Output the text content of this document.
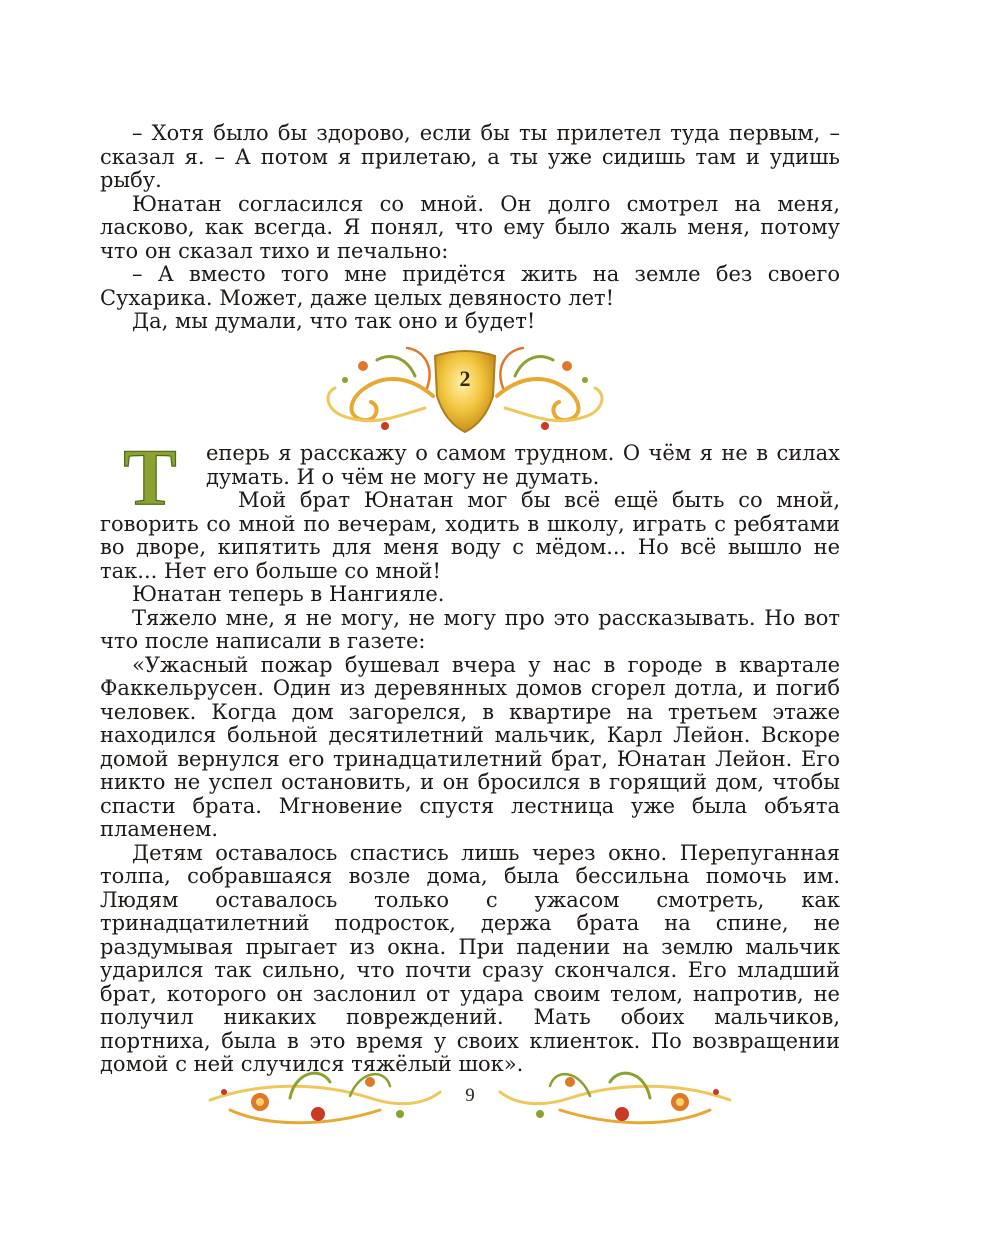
– Хотя было бы здорово, если бы ты прилетел туда первым, – сказал я. – А потом я прилетаю, а ты уже сидишь там и удишь рыбу.

Юнатан согласился со мной. Он долго смотрел на меня, ласково, как всегда. Я понял, что ему было жаль меня, потому что он сказал тихо и печально:

– А вместо того мне придётся жить на земле без своего Сухарика. Может, даже целых девяносто лет!

Да, мы думали, что так оно и будет!

2
Т	еперь я расскажу о самом трудном. О чём я не в силах думать. И о чём не могу не думать.

Мой брат Юнатан мог бы всё ещё быть со мной, говорить со мной по вечерам, ходить в школу, играть с ребятами во дворе, кипятить для меня воду с мёдом... Но всё вышло не так... Нет его больше со мной!

Юнатан теперь в Нангияле.

Тяжело мне, я не могу, не могу про это рассказывать. Но вот что после написали в газете:

«Ужасный пожар бушевал вчера у нас в городе в квартале Факкельрусен. Один из деревянных домов сгорел дотла, и погиб человек. Когда дом загорелся, в квартире на третьем этаже находился больной десятилетний мальчик, Карл Лейон. Вскоре домой вернулся его тринадцатилетний брат, Юнатан Лейон. Его никто не успел остановить, и он бросился в горящий дом, чтобы спасти брата. Мгновение спустя лестница уже была объята пламенем.

Детям оставалось спастись лишь через окно. Перепуганная толпа, собравшаяся возле дома, была бессильна помочь им. Людям оставалось только с ужасом смотреть, как тринадцатилетний подросток, держа брата на спине, не раздумывая прыгает из окна. При падении на землю мальчик ударился так сильно, что почти сразу скончался. Его младший брат, которого он заслонил от удара своим телом, напротив, не получил никаких повреждений. Мать обоих мальчиков, портниха, была в это время у своих клиенток. По возвращении домой с ней случился тяжёлый шок».

9
